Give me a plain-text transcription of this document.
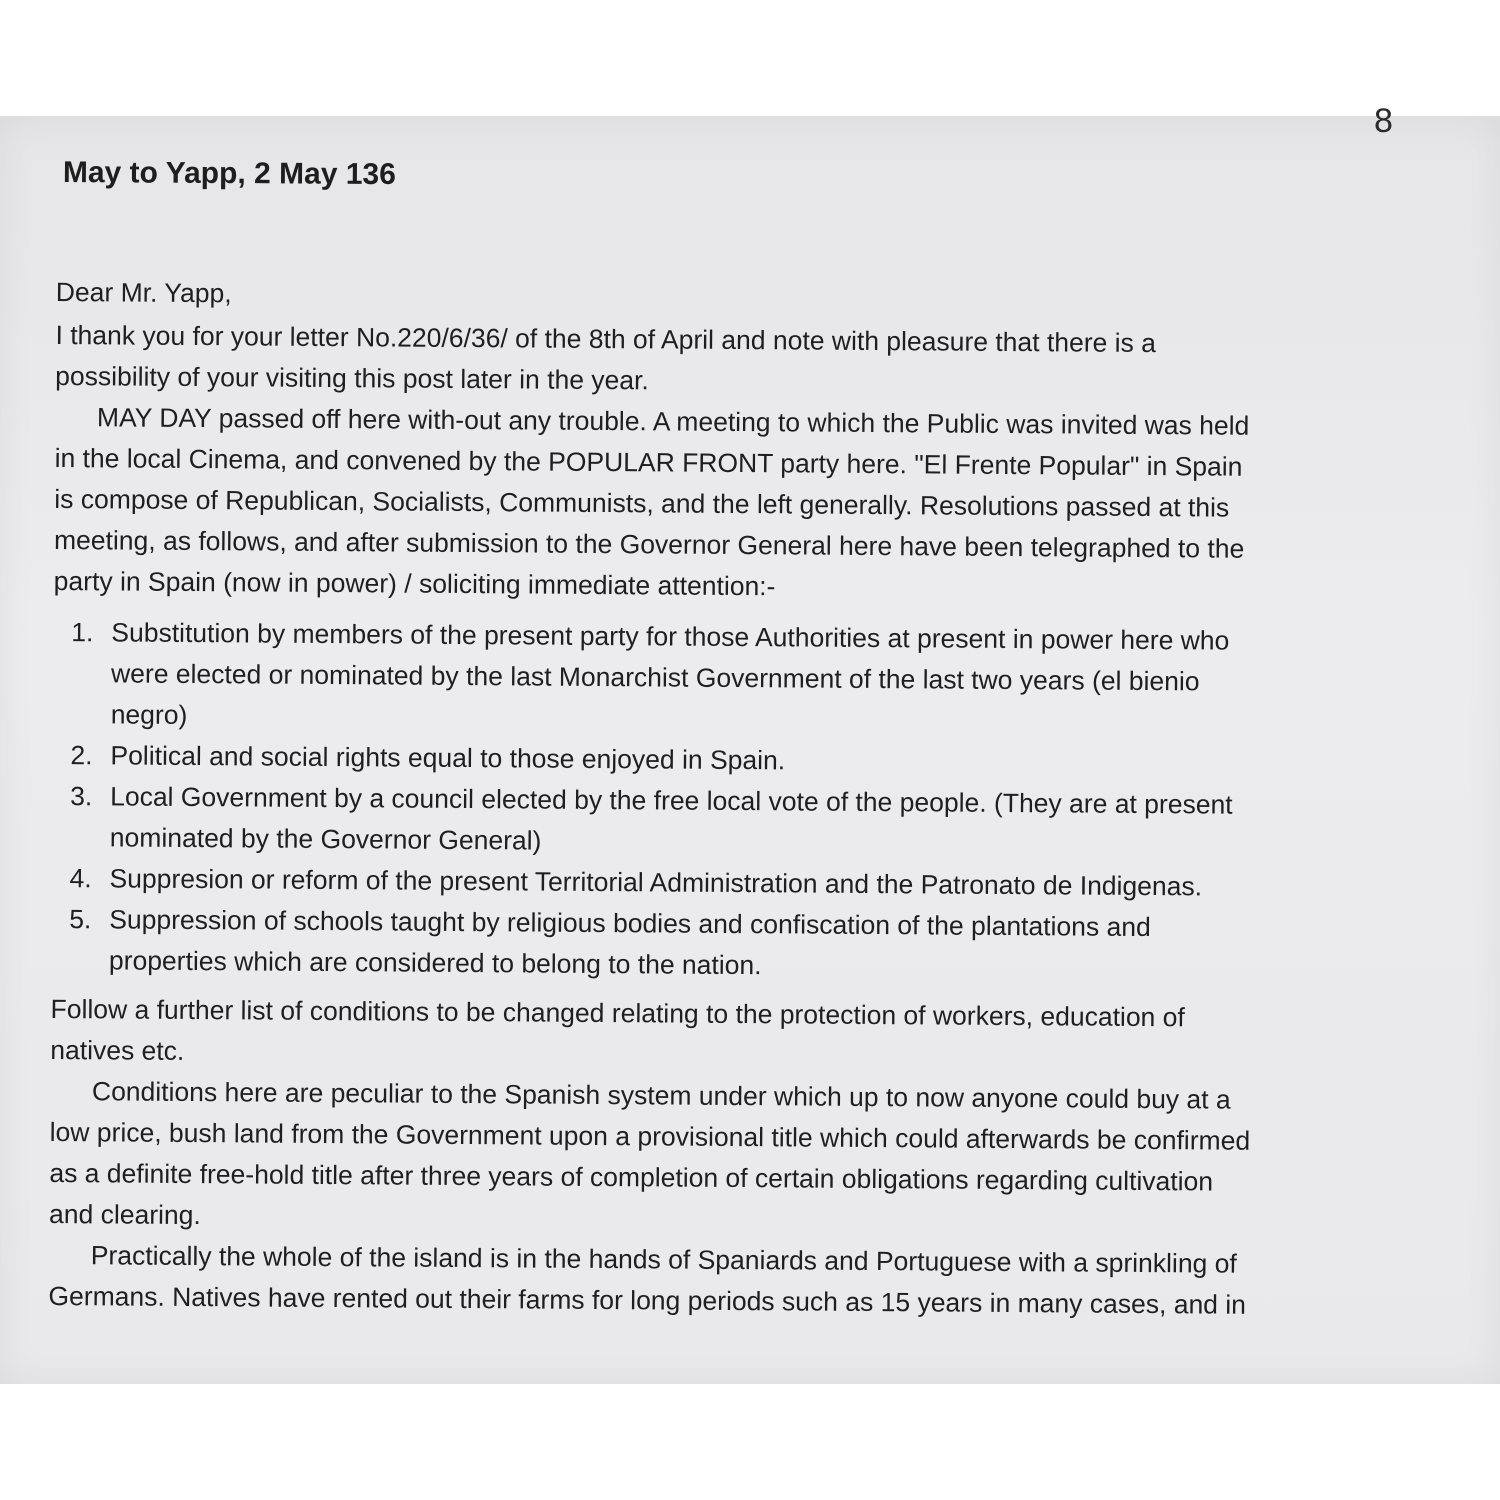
8
May to Yapp, 2 May 136
Dear Mr. Yapp,
I thank you for your letter No.220/6/36/ of the 8th of April and note with pleasure that there is a
possibility of your visiting this post later in the year.
MAY DAY passed off here with-out any trouble. A meeting to which the Public was invited was held
in the local Cinema, and convened by the POPULAR FRONT party here. "El Frente Popular" in Spain
is compose of Republican, Socialists, Communists, and the left generally. Resolutions passed at this
meeting, as follows, and after submission to the Governor General here have been telegraphed to the
party in Spain (now in power) / soliciting immediate attention:-
1. Substitution by members of the present party for those Authorities at present in power here who
were elected or nominated by the last Monarchist Government of the last two years (el bienio
negro)
2. Political and social rights equal to those enjoyed in Spain.
3. Local Government by a council elected by the free local vote of the people. (They are at present
nominated by the Governor General)
4. Suppresion or reform of the present Territorial Administration and the Patronato de Indigenas.
5. Suppression of schools taught by religious bodies and confiscation of the plantations and
properties which are considered to belong to the nation.
Follow a further list of conditions to be changed relating to the protection of workers, education of
natives etc.
Conditions here are peculiar to the Spanish system under which up to now anyone could buy at a
low price, bush land from the Government upon a provisional title which could afterwards be confirmed
as a definite free-hold title after three years of completion of certain obligations regarding cultivation
and clearing.
Practically the whole of the island is in the hands of Spaniards and Portuguese with a sprinkling of
Germans. Natives have rented out their farms for long periods such as 15 years in many cases, and in
